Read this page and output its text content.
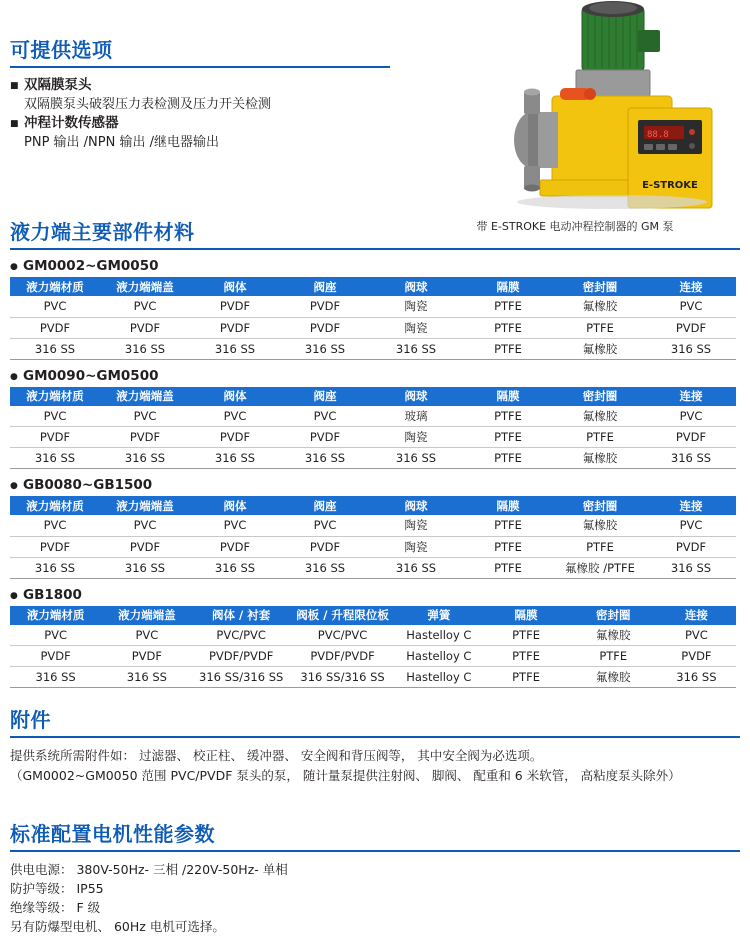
可提供选项

■ 双隔膜泵头

双隔膜泵头破裂压力表检测及压力开关检测

■ 冲程计数传感器

PNP 输出 /NPN 输出 /继电器输出	88.8
E-STROKE
带 E-STROKE 电动冲程控制器的 GM 泵
液力端主要部件材料
● GM0002~GM0050
液力端材质	液力端端盖	阀体	阀座	阀球	隔膜	密封圈	连接
PVC	PVC	PVDF	PVDF	陶瓷	PTFE	氟橡胶	PVC
PVDF	PVDF	PVDF	PVDF	陶瓷	PTFE	PTFE	PVDF
316 SS	316 SS	316 SS	316 SS	316 SS	PTFE	氟橡胶	316 SS
● GM0090~GM0500
液力端材质	液力端端盖	阀体	阀座	阀球	隔膜	密封圈	连接
PVC	PVC	PVC	PVC	玻璃	PTFE	氟橡胶	PVC
PVDF	PVDF	PVDF	PVDF	陶瓷	PTFE	PTFE	PVDF
316 SS	316 SS	316 SS	316 SS	316 SS	PTFE	氟橡胶	316 SS
● GB0080~GB1500
液力端材质	液力端端盖	阀体	阀座	阀球	隔膜	密封圈	连接
PVC	PVC	PVC	PVC	陶瓷	PTFE	氟橡胶	PVC
PVDF	PVDF	PVDF	PVDF	陶瓷	PTFE	PTFE	PVDF
316 SS	316 SS	316 SS	316 SS	316 SS	PTFE	氟橡胶 /PTFE	316 SS
● GB1800
液力端材质	液力端端盖	阀体 / 衬套	阀板 / 升程限位板	弹簧	隔膜	密封圈	连接
PVC	PVC	PVC/PVC	PVC/PVC	Hastelloy C	PTFE	氟橡胶	PVC
PVDF	PVDF	PVDF/PVDF	PVDF/PVDF	Hastelloy C	PTFE	PTFE	PVDF
316 SS	316 SS	316 SS/316 SS	316 SS/316 SS	Hastelloy C	PTFE	氟橡胶	316 SS
附件

提供系统所需附件如： 过滤器、 校正柱、 缓冲器、 安全阀和背压阀等， 其中安全阀为必选项。

（GM0002~GM0050 范围 PVC/PVDF 泵头的泵， 随计量泵提供注射阀、 脚阀、 配重和 6 米软管， 高粘度泵头除外）

标准配置电机性能参数

供电电源： 380V-50Hz- 三相 /220V-50Hz- 单相

防护等级： IP55

绝缘等级： F 级

另有防爆型电机、 60Hz 电机可选择。
